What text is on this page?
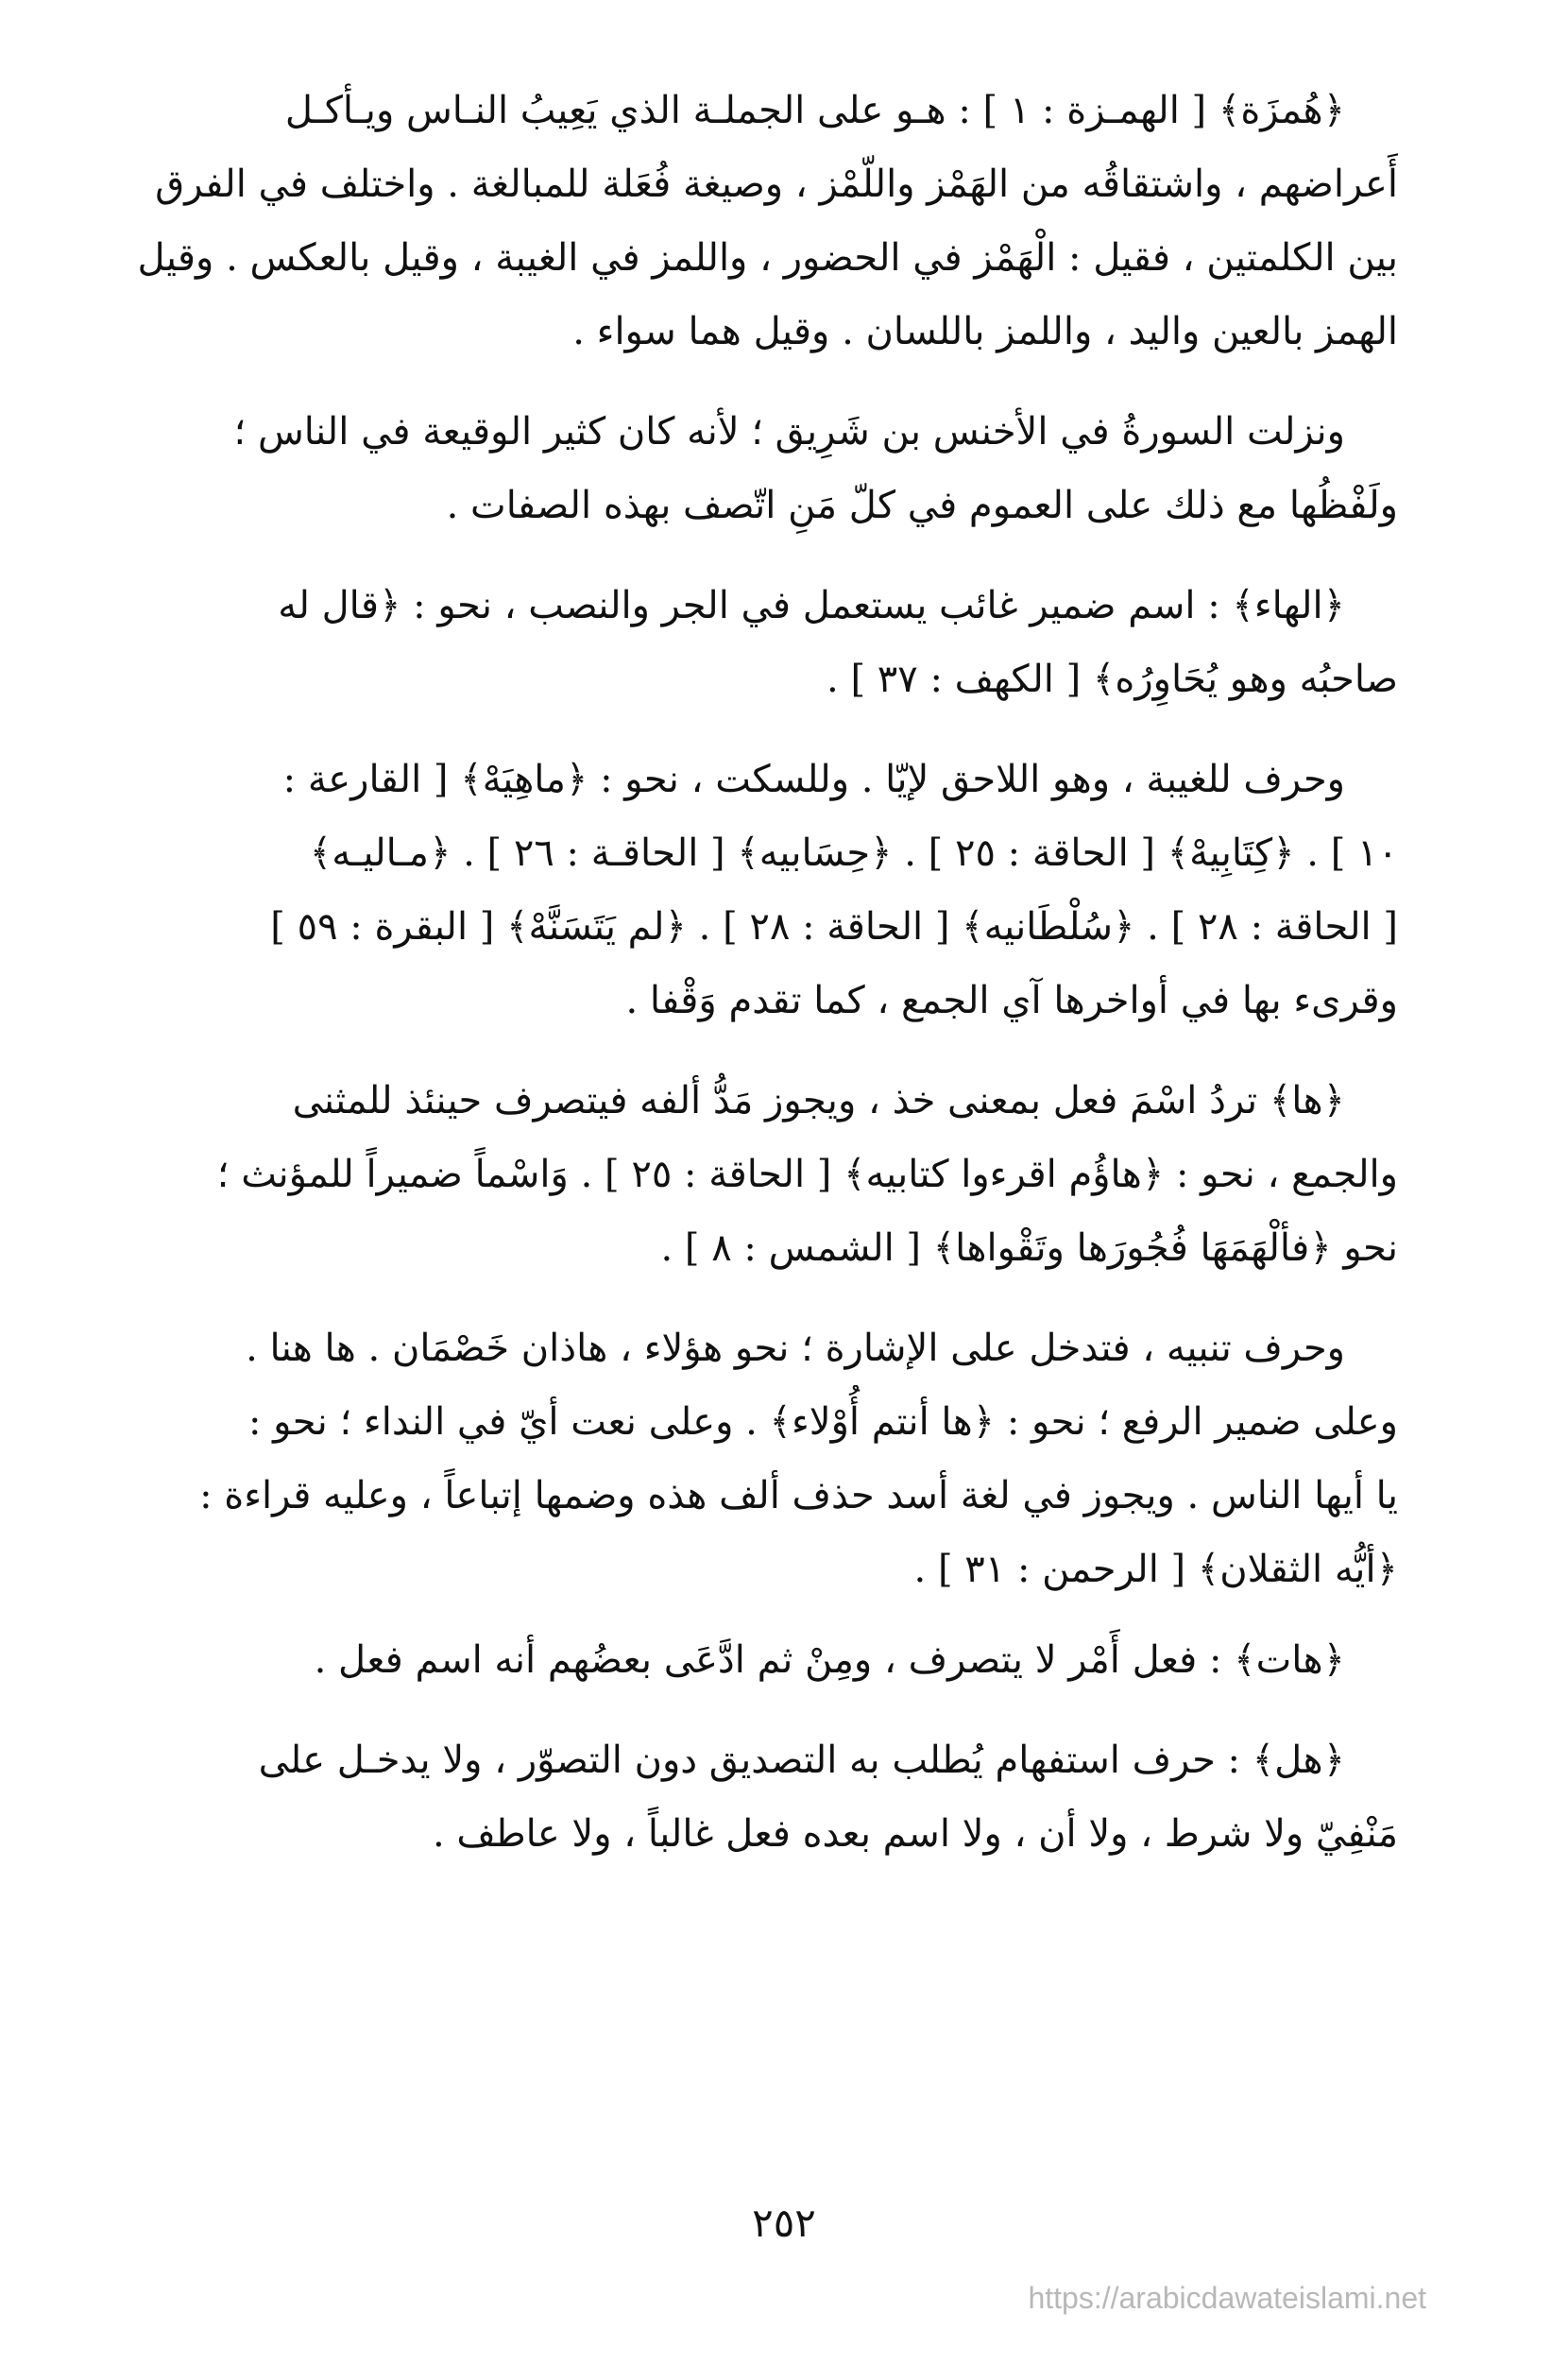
﴿هُمزَة﴾ [ الهمـزة : ١ ] : هـو على الجملـة الذي يَعِيبُ النـاس ويـأكـل
أَعراضهم ، واشتقاقُه من الهَمْز واللّمْز ، وصيغة فُعَلة للمبالغة . واختلف في الفرق
بين الكلمتين ، فقيل : الْهَمْز في الحضور ، واللمز في الغيبة ، وقيل بالعكس . وقيل
الهمز بالعين واليد ، واللمز باللسان . وقيل هما سواء .

ونزلت السورةُ في الأخنس بن شَرِيق ؛ لأنه كان كثير الوقيعة في الناس ؛
ولَفْظُها مع ذلك على العموم في كلّ مَنِ اتّصف بهذه الصفات .

﴿الهاء﴾ : اسم ضمير غائب يستعمل في الجر والنصب ، نحو : ﴿قال له
صاحبُه وهو يُحَاوِرُه﴾ [ الكهف : ٣٧ ] .

وحرف للغيبة ، وهو اللاحق لإيّا . وللسكت ، نحو : ﴿ماهِيَهْ﴾ [ القارعة :
١٠ ] . ﴿كِتَابِيهْ﴾ [ الحاقة : ٢٥ ] . ﴿حِسَابيه﴾ [ الحاقـة : ٢٦ ] . ﴿مـاليـه﴾
[ الحاقة : ٢٨ ] . ﴿سُلْطَانيه﴾ [ الحاقة : ٢٨ ] . ﴿لم يَتَسَنَّهْ﴾ [ البقرة : ٥٩ ]
وقرىء بها في أواخرها آي الجمع ، كما تقدم وَقْفا .

﴿ها﴾ تردُ اسْمَ فعل بمعنى خذ ، ويجوز مَدُّ ألفه فيتصرف حينئذ للمثنى
والجمع ، نحو : ﴿هاؤُم اقرءوا كتابيه﴾ [ الحاقة : ٢٥ ] . وَاسْماً ضميراً للمؤنث ؛
نحو ﴿فألْهَمَهَا فُجُورَها وتَقْواها﴾ [ الشمس : ٨ ] .

وحرف تنبيه ، فتدخل على الإشارة ؛ نحو هؤلاء ، هاذان خَصْمَان . ها هنا .
وعلى ضمير الرفع ؛ نحو : ﴿ها أنتم أُوْلاء﴾ . وعلى نعت أيّ في النداء ؛ نحو :
يا أيها الناس . ويجوز في لغة أسد حذف ألف هذه وضمها إتباعاً ، وعليه قراءة :
﴿أيُّه الثقلان﴾ [ الرحمن : ٣١ ] .

﴿هات﴾ : فعل أَمْر لا يتصرف ، ومِنْ ثم ادَّعَى بعضُهم أنه اسم فعل .

﴿هل﴾ : حرف استفهام يُطلب به التصديق دون التصوّر ، ولا يدخـل على
مَنْفِيّ ولا شرط ، ولا أن ، ولا اسم بعده فعل غالباً ، ولا عاطف .

٢٥٢
https://arabicdawateislami.net
